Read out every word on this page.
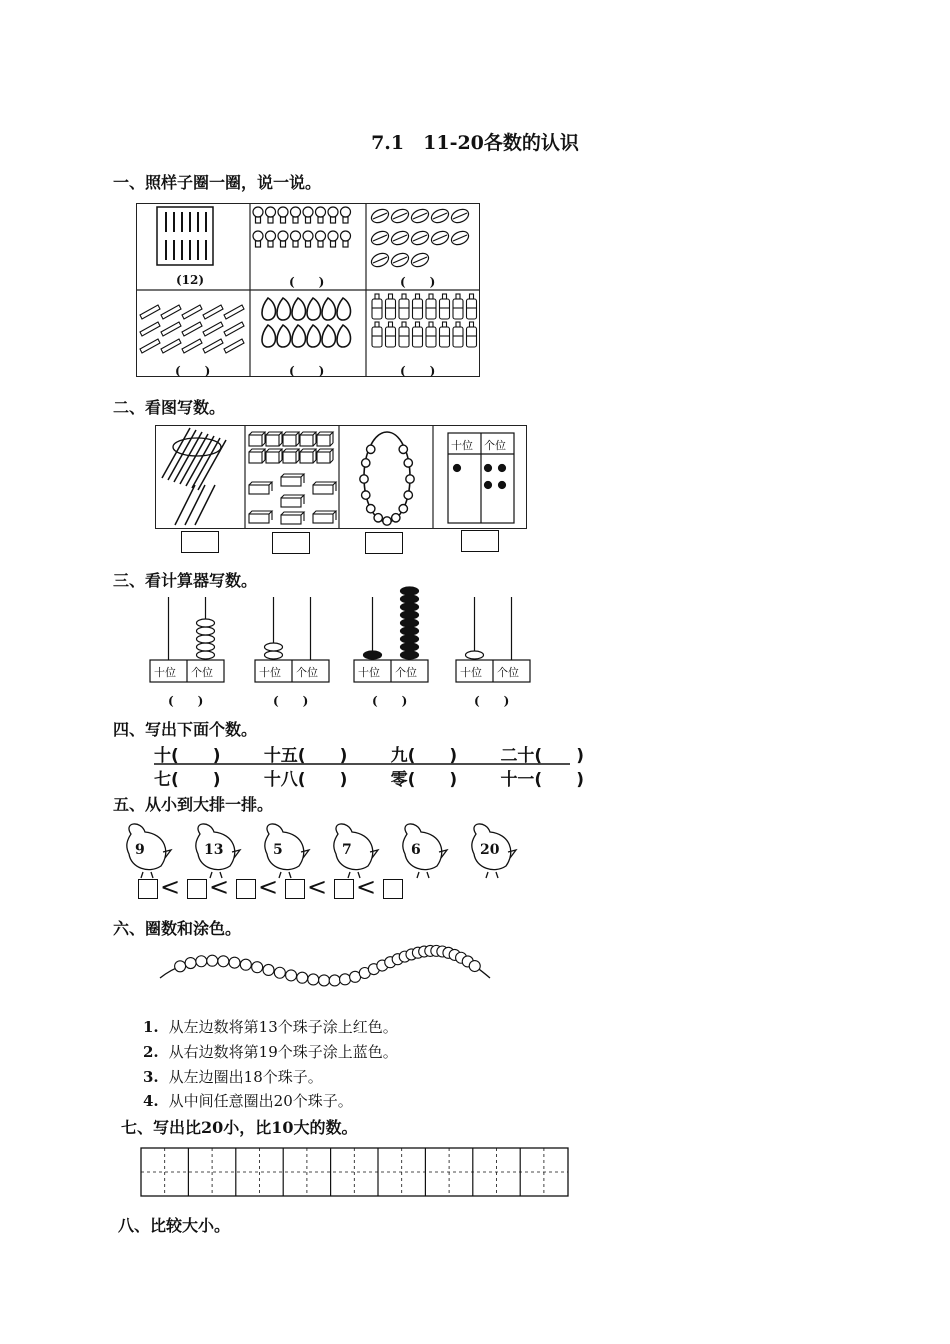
7.1　11-20各数的认识
一、照样子圈一圈，说一说。
(12)	(　　)	(　　)
(　　)	(　　)	(　　)
二、看图写数。
十位 个位
三、看计算器写数。
十位 个位
(　　)
十位 个位
(　　)
十位 个位
(　　)
十位 个位
(　　)
四、写出下面个数。
十(　　)	十五(　　)	九(　　)	二十(　　)
七(　　)	十八(　　)	零(　　)	十一(　　)
五、从小到大排一排。
9	13	5	7	6	20
< < < < <
六、圈数和涂色。
1. 从左边数将第13个珠子涂上红色。
2. 从右边数将第19个珠子涂上蓝色。
3. 从左边圈出18个珠子。
4. 从中间任意圈出20个珠子。
七、写出比20小，比10大的数。
八、比较大小。
